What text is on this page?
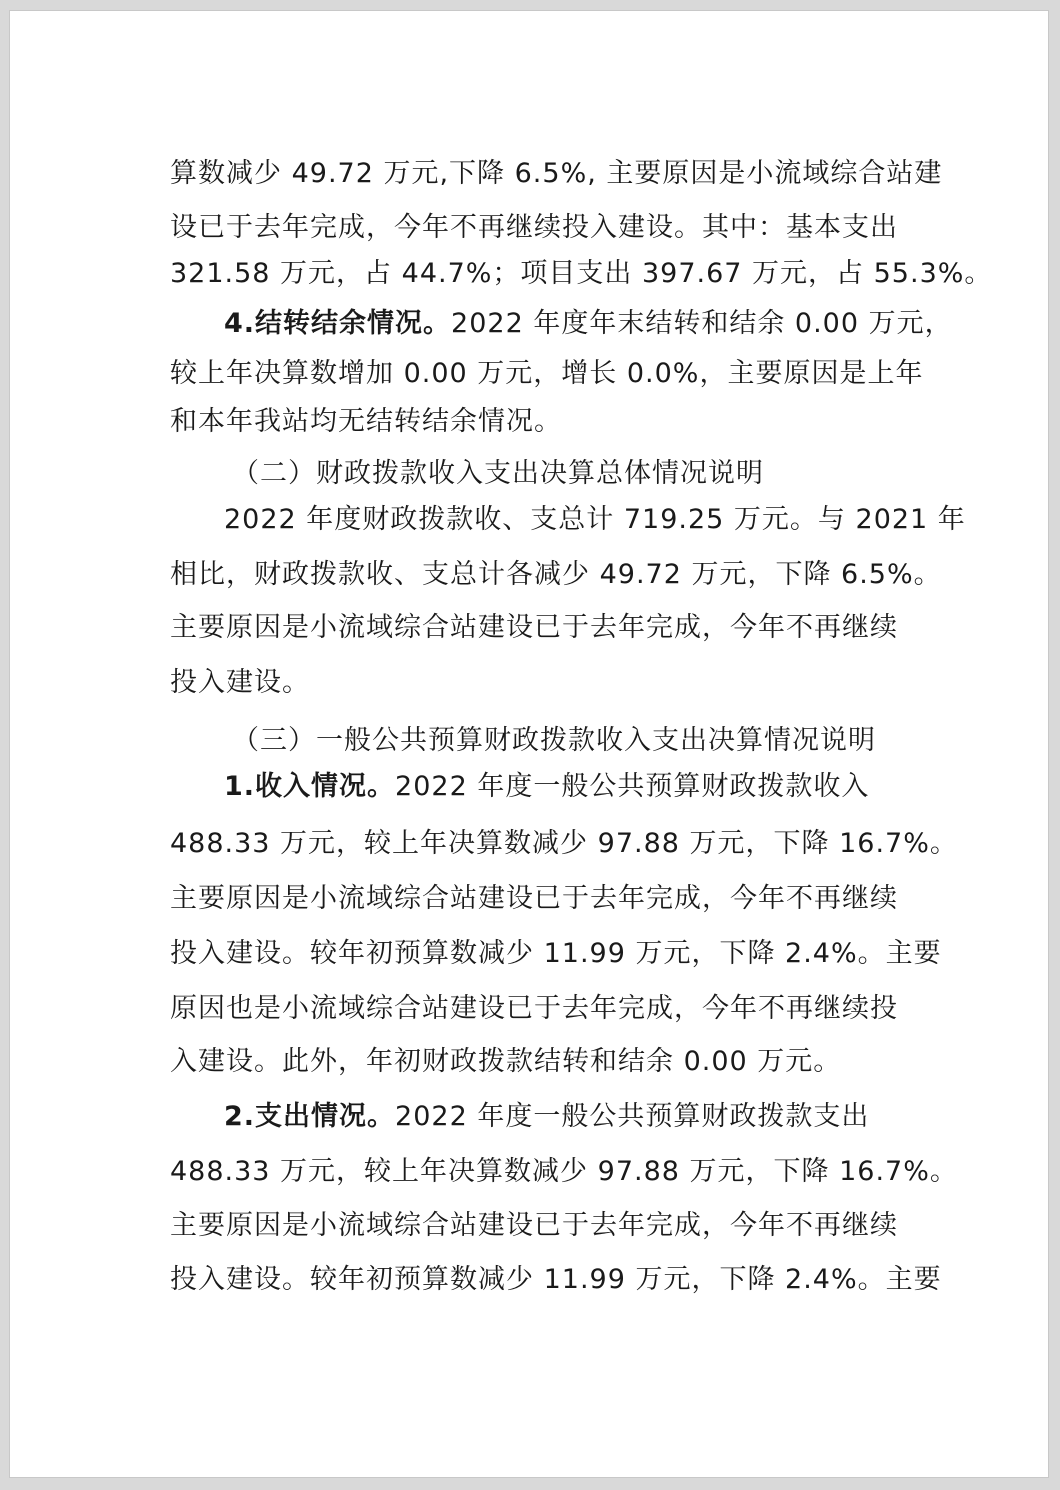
算数减少 49.72 万元,下降 6.5%, 主要原因是小流域综合站建
设已于去年完成，今年不再继续投入建设。其中：基本支出
321.58 万元，占 44.7%；项目支出 397.67 万元，占 55.3%。
4.结转结余情况。2022 年度年末结转和结余 0.00 万元，
较上年决算数增加 0.00 万元，增长 0.0%，主要原因是上年
和本年我站均无结转结余情况。
（二）财政拨款收入支出决算总体情况说明
2022 年度财政拨款收、支总计 719.25 万元。与 2021 年
相比，财政拨款收、支总计各减少 49.72 万元，下降 6.5%。
主要原因是小流域综合站建设已于去年完成，今年不再继续
投入建设。
（三）一般公共预算财政拨款收入支出决算情况说明
1.收入情况。2022 年度一般公共预算财政拨款收入
488.33 万元，较上年决算数减少 97.88 万元，下降 16.7%。
主要原因是小流域综合站建设已于去年完成，今年不再继续
投入建设。较年初预算数减少 11.99 万元，下降 2.4%。主要
原因也是小流域综合站建设已于去年完成，今年不再继续投
入建设。此外，年初财政拨款结转和结余 0.00 万元。
2.支出情况。2022 年度一般公共预算财政拨款支出
488.33 万元，较上年决算数减少 97.88 万元，下降 16.7%。
主要原因是小流域综合站建设已于去年完成，今年不再继续
投入建设。较年初预算数减少 11.99 万元，下降 2.4%。主要
